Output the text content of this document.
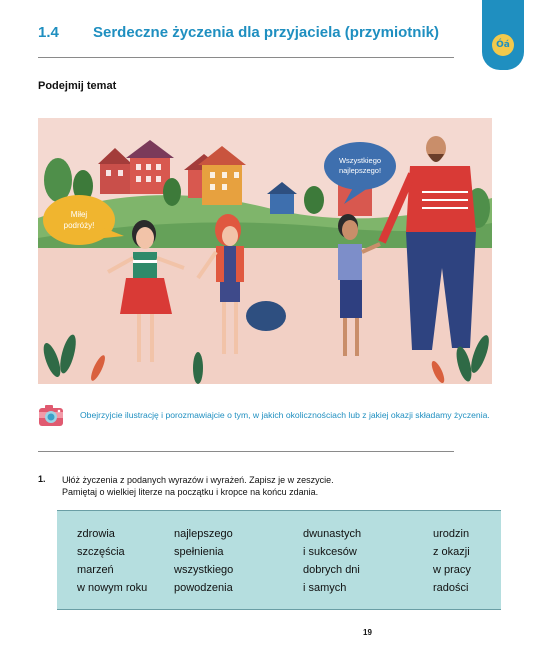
1.4 Serdeczne życzenia dla przyjaciela (przymiotnik)
Óá
Podejmij temat
Miłej
podróży!
Wszystkiego
najlepszego!
Obejrzyjcie ilustrację i porozmawiajcie o tym, w jakich okolicznościach lub z jakiej okazji składamy życzenia.
1. Ułóż życzenia z podanych wyrazów i wyrażeń. Zapisz je w zeszycie.
Pamiętaj o wielkiej literze na początku i kropce na końcu zdania.
zdrowia
szczęścia
marzeń
w nowym roku
najlepszego
spełnienia
wszystkiego
powodzenia
dwunastych
i sukcesów
dobrych dni
i samych
urodzin
z okazji
w pracy
radości
19
